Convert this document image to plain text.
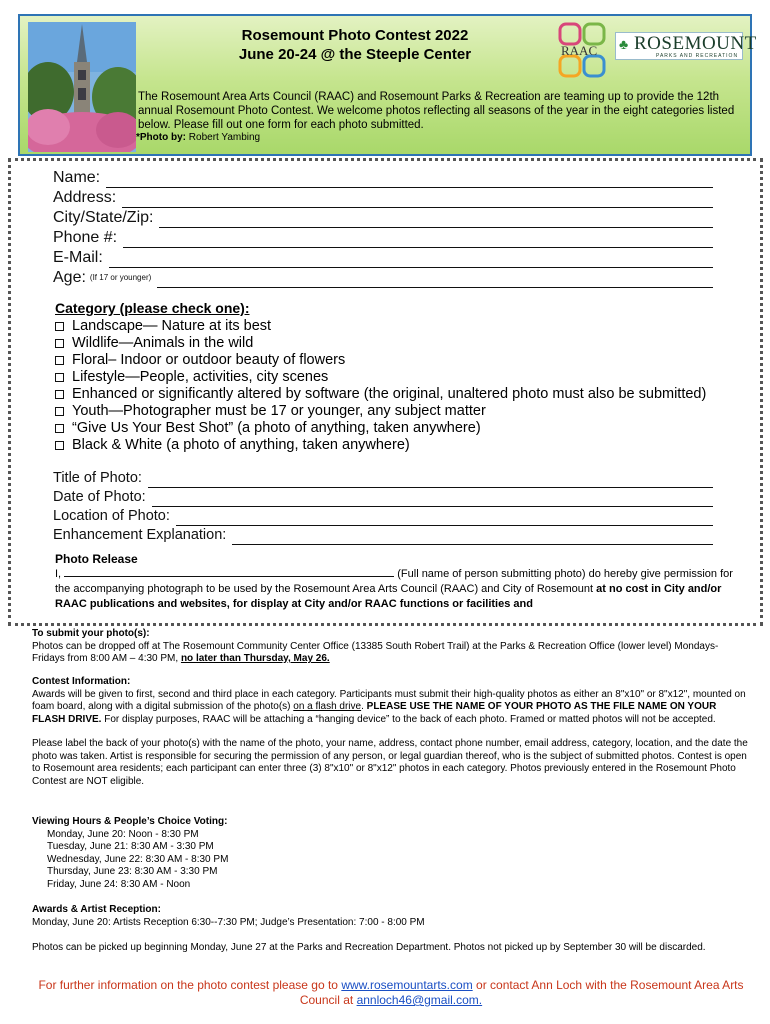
Rosemount Photo Contest 2022
June 20-24 @ the Steeple Center	RAAC ♣ ROSEMOUNT
PARKS AND RECREATION
The Rosemount Area Arts Council (RAAC) and Rosemount Parks & Recreation are teaming up to provide the 12th annual Rosemount Photo Contest. We welcome photos reflecting all seasons of the year in the eight categories listed below. Please fill out one form for each photo submitted.
*Photo by: Robert Yambing
Name:
Address:
City/State/Zip:
Phone #:
E-Mail:
Age: (If 17 or younger)
Category (please check one):
Landscape— Nature at its best
Wildlife—Animals in the wild
Floral– Indoor or outdoor beauty of flowers
Lifestyle—People, activities, city scenes
Enhanced or significantly altered by software (the original, unaltered photo must also be submitted)
Youth—Photographer must be 17 or younger, any subject matter
“Give Us Your Best Shot” (a photo of anything, taken anywhere)
Black & White (a photo of anything, taken anywhere)
Title of Photo:
Date of Photo:
Location of Photo:
Enhancement Explanation:
Photo Release
I,	(Full name of person submitting photo) do hereby give permission for the accompanying photograph to be used by the Rosemount Area Arts Council (RAAC) and City of Rosemount at no cost in City and/or RAAC publications and websites, for display at City and/or RAAC functions or facilities and
To submit your photo(s):
Photos can be dropped off at The Rosemount Community Center Office (13385 South Robert Trail) at the Parks & Recreation Office (lower level) Mondays-Fridays from 8:00 AM – 4:30 PM, no later than Thursday, May 26.
Contest Information:
Awards will be given to first, second and third place in each category. Participants must submit their high-quality photos as either an 8"x10" or 8"x12", mounted on foam board, along with a digital submission of the photo(s) on a flash drive. PLEASE USE THE NAME OF YOUR PHOTO AS THE FILE NAME ON YOUR FLASH DRIVE. For display purposes, RAAC will be attaching a “hanging device” to the back of each photo. Framed or matted photos will not be accepted.
Please label the back of your photo(s) with the name of the photo, your name, address, contact phone number, email address, category, location, and the date the photo was taken. Artist is responsible for securing the permission of any person, or legal guardian thereof, who is the subject of submitted photos. Contest is open to Rosemount area residents; each participant can enter three (3) 8"x10" or 8"x12" photos in each category. Photos previously entered in the Rosemount Photo Contest are NOT eligible.
Viewing Hours & People’s Choice Voting:
Monday, June 20: Noon - 8:30 PM
Tuesday, June 21: 8:30 AM - 3:30 PM
Wednesday, June 22: 8:30 AM - 8:30 PM
Thursday, June 23: 8:30 AM - 3:30 PM
Friday, June 24: 8:30 AM - Noon
Awards & Artist Reception:
Monday, June 20: Artists Reception 6:30--7:30 PM; Judge’s Presentation: 7:00 - 8:00 PM
Photos can be picked up beginning Monday, June 27 at the Parks and Recreation Department. Photos not picked up by September 30 will be discarded.
For further information on the photo contest please go to www.rosemountarts.com or contact Ann Loch with the Rosemount Area Arts Council at annloch46@gmail.com.
